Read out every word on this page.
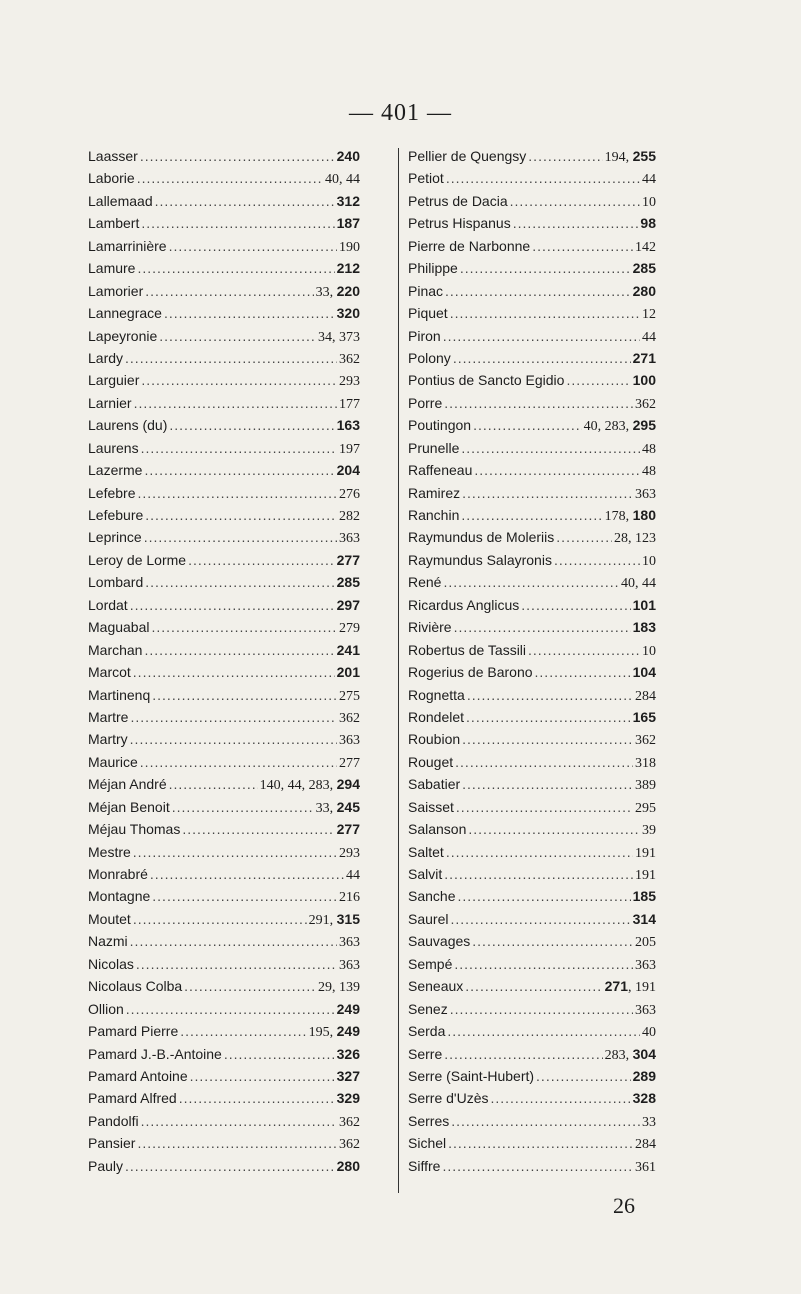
— 401 —
Laasser .....	240
Laborie .....	40, 44
Lallemaad .....	312
Lambert .....	187
Lamarrinière .....	190
Lamure .....	212
Lamorier .....	33, 220
Lannegrace .....	320
Lapeyronie .....	34, 373
Lardy .....	362
Larguier .....	293
Larnier .....	177
Laurens (du) .....	163
Laurens .....	197
Lazerme .....	204
Lefebre .....	276
Lefebure .....	282
Leprince .....	363
Leroy de Lorme .....	277
Lombard .....	285
Lordat .....	297
Maguabal .....	279
Marchan .....	241
Marcot .....	201
Martinenq .....	275
Martre .....	362
Martry .....	363
Maurice .....	277
Méjan André .....	140, 44, 283, 294
Méjan Benoit .....	33, 245
Méjau Thomas .....	277
Mestre .....	293
Monrabré .....	44
Montagne .....	216
Moutet .....	291, 315
Nazmi .....	363
Nicolas .....	363
Nicolaus Colba .....	29, 139
Ollion .....	249
Pamard Pierre .....	195, 249
Pamard J.-B.-Antoine .....	326
Pamard Antoine .....	327
Pamard Alfred .....	329
Pandolfi .....	362
Pansier .....	362
Pauly .....	280
Pellier de Quengsy .....	194, 255
Petiot .....	44
Petrus de Dacia .....	10
Petrus Hispanus .....	98
Pierre de Narbonne .....	142
Philippe .....	285
Pinac .....	280
Piquet .....	12
Piron .....	44
Polony .....	271
Pontius de Sancto Egidio .....	100
Porre .....	362
Poutingon .....	40, 283, 295
Prunelle .....	48
Raffeneau .....	48
Ramirez .....	363
Ranchin .....	178, 180
Raymundus de Moleriis .....	28, 123
Raymundus Salayronis .....	10
René .....	40, 44
Ricardus Anglicus .....	101
Rivière .....	183
Robertus de Tassili .....	10
Rogerius de Barono .....	104
Rognetta .....	284
Rondelet .....	165
Roubion .....	362
Rouget .....	318
Sabatier .....	389
Saisset .....	295
Salanson .....	39
Saltet .....	191
Salvit .....	191
Sanche .....	185
Saurel .....	314
Sauvages .....	205
Sempé .....	363
Seneaux .....	271, 191
Senez .....	363
Serda .....	40
Serre .....	283, 304
Serre (Saint-Hubert) .....	289
Serre d'Uzès .....	328
Serres .....	33
Sichel .....	284
Siffre .....	361
26
